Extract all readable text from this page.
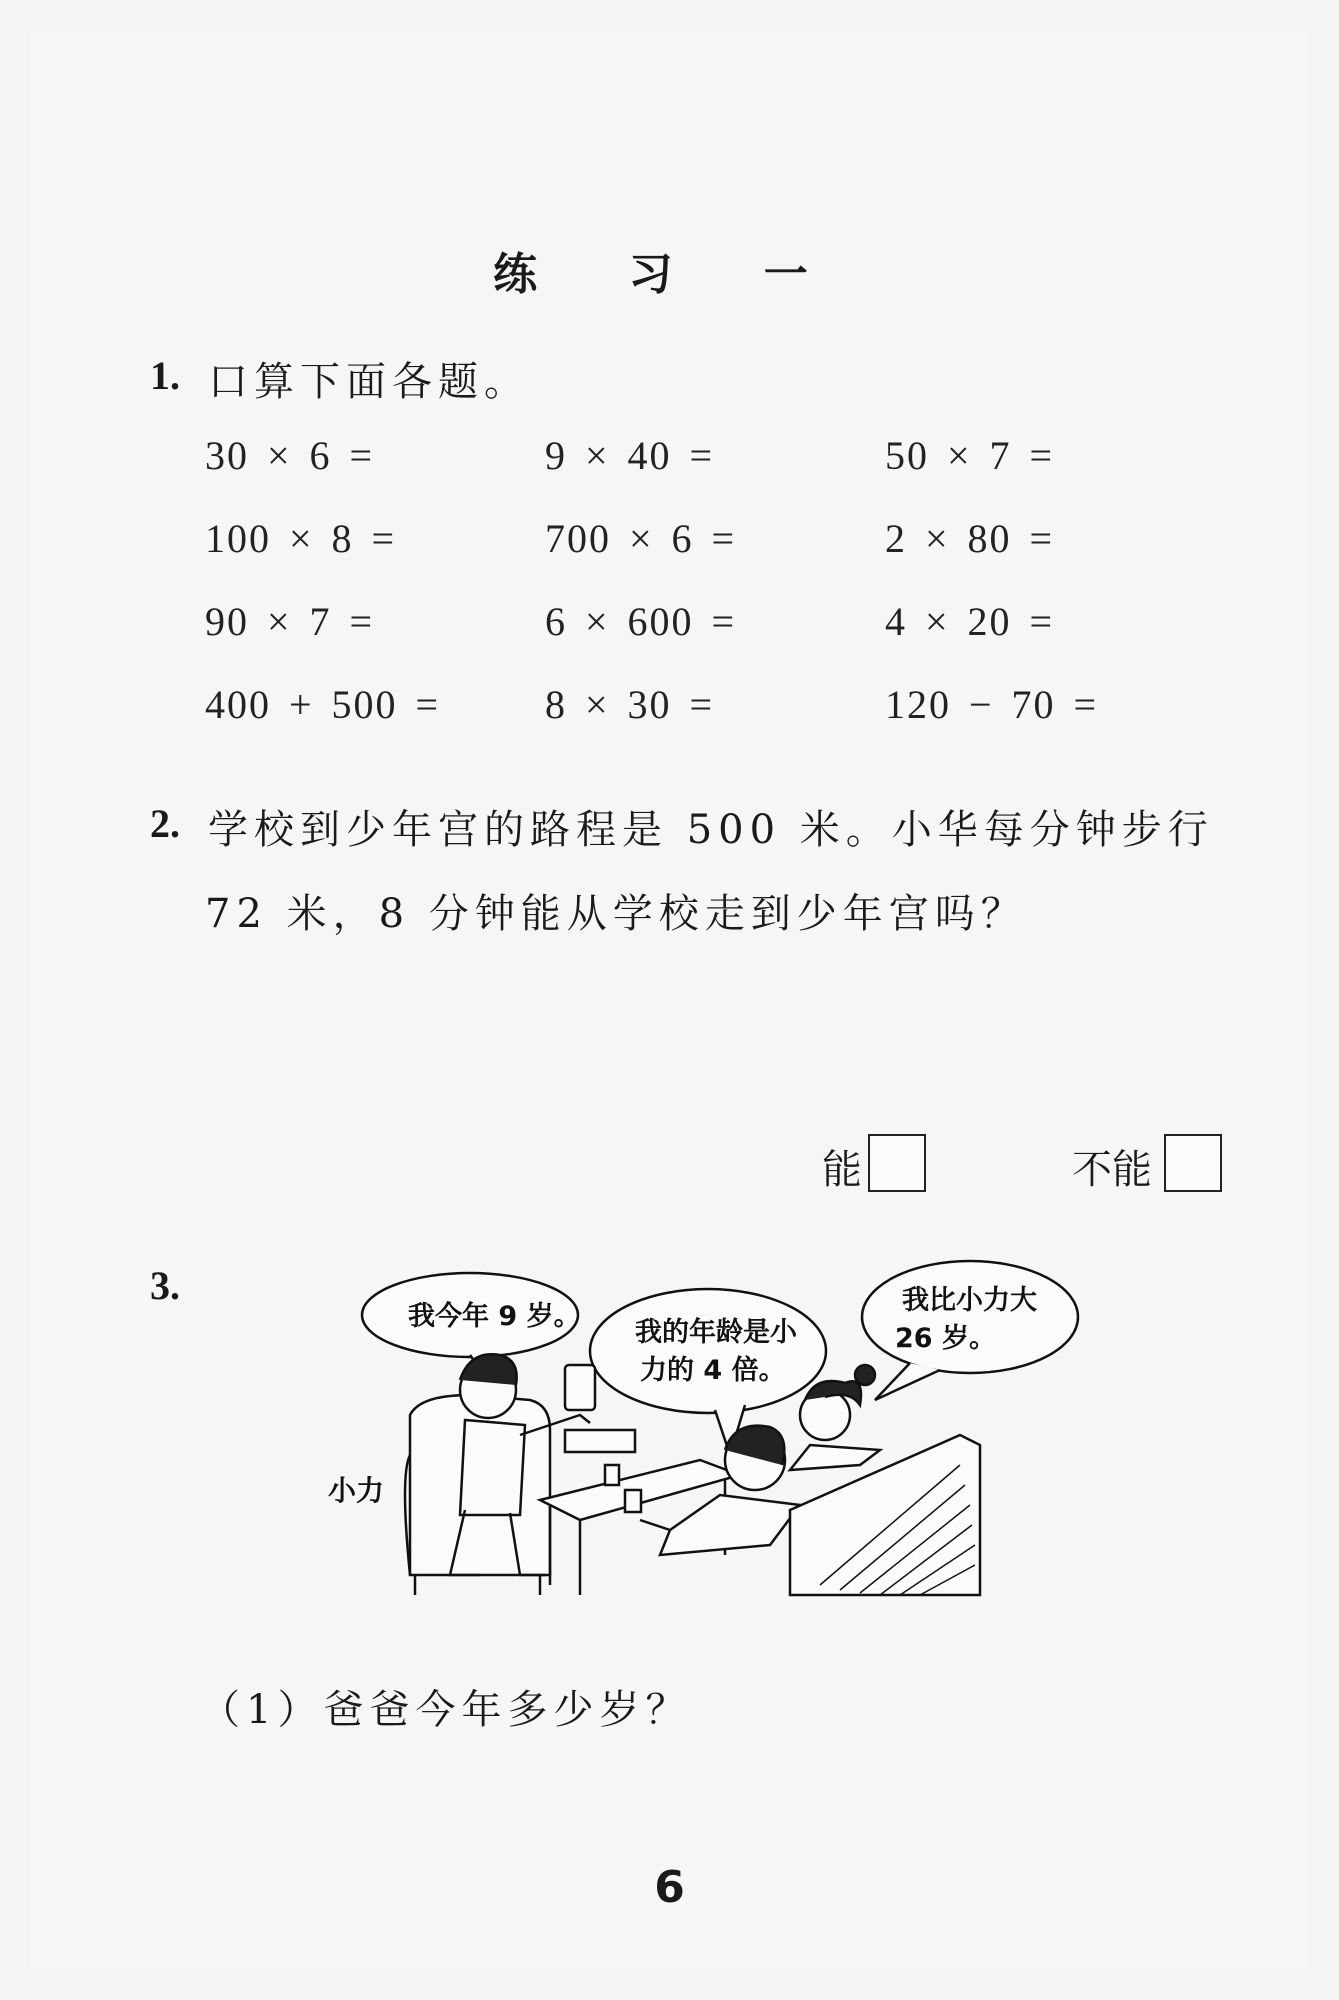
练 习 一
1. 口算下面各题。
30 × 6 =	9 × 40 =	50 × 7 =
100 × 8 =	700 × 6 =	2 × 80 =
90 × 7 =	6 × 600 =	4 × 20 =
400 + 500 =	8 × 30 =	120 − 70 =
2. 学校到少年宫的路程是 500 米。小华每分钟步行
72 米，8 分钟能从学校走到少年宫吗？
能	不能
3.
我今年 9 岁。
我的年龄是小
力的 4 倍。
我比小力大
26 岁。
小力
（1）爸爸今年多少岁？
6
